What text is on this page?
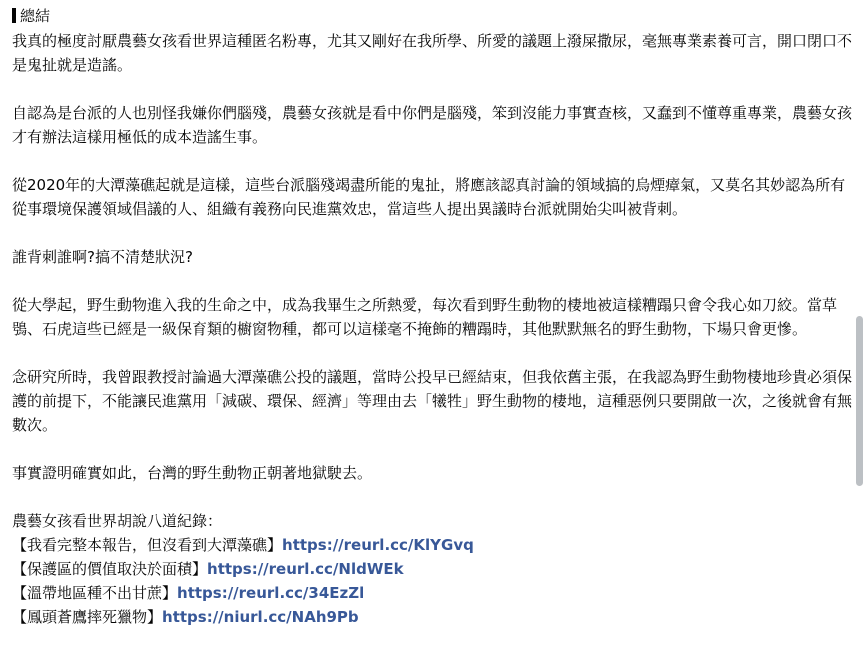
總結

我真的極度討厭農藝女孩看世界這種匿名粉專，尤其又剛好在我所學、所愛的議題上潑屎撒尿，毫無專業素養可言，開口閉口不是鬼扯就是造謠。

自認為是台派的人也別怪我嫌你們腦殘，農藝女孩就是看中你們是腦殘，笨到沒能力事實查核，又蠢到不懂尊重專業，農藝女孩才有辦法這樣用極低的成本造謠生事。

從2020年的大潭藻礁起就是這樣，這些台派腦殘竭盡所能的鬼扯，將應該認真討論的領域搞的烏煙瘴氣，又莫名其妙認為所有從事環境保護領域倡議的人、組織有義務向民進黨效忠，當這些人提出異議時台派就開始尖叫被背刺。

誰背刺誰啊?搞不清楚狀況?

從大學起，野生動物進入我的生命之中，成為我畢生之所熱愛，每次看到野生動物的棲地被這樣糟蹋只會令我心如刀絞。當草鴞、石虎這些已經是一級保育類的櫥窗物種，都可以這樣毫不掩飾的糟蹋時，其他默默無名的野生動物，下場只會更慘。

念研究所時，我曾跟教授討論過大潭藻礁公投的議題，當時公投早已經結束，但我依舊主張，在我認為野生動物棲地珍貴必須保護的前提下，不能讓民進黨用「減碳、環保、經濟」等理由去「犧牲」野生動物的棲地，這種惡例只要開啟一次，之後就會有無數次。

事實證明確實如此，台灣的野生動物正朝著地獄駛去。

農藝女孩看世界胡說八道紀錄：

【我看完整本報告，但沒看到大潭藻礁】https://reurl.cc/KlYGvq

【保護區的價值取決於面積】https://reurl.cc/NldWEk

【溫帶地區種不出甘蔗】https://reurl.cc/34EzZl

【鳳頭蒼鷹摔死獵物】https://niurl.cc/NAh9Pb
